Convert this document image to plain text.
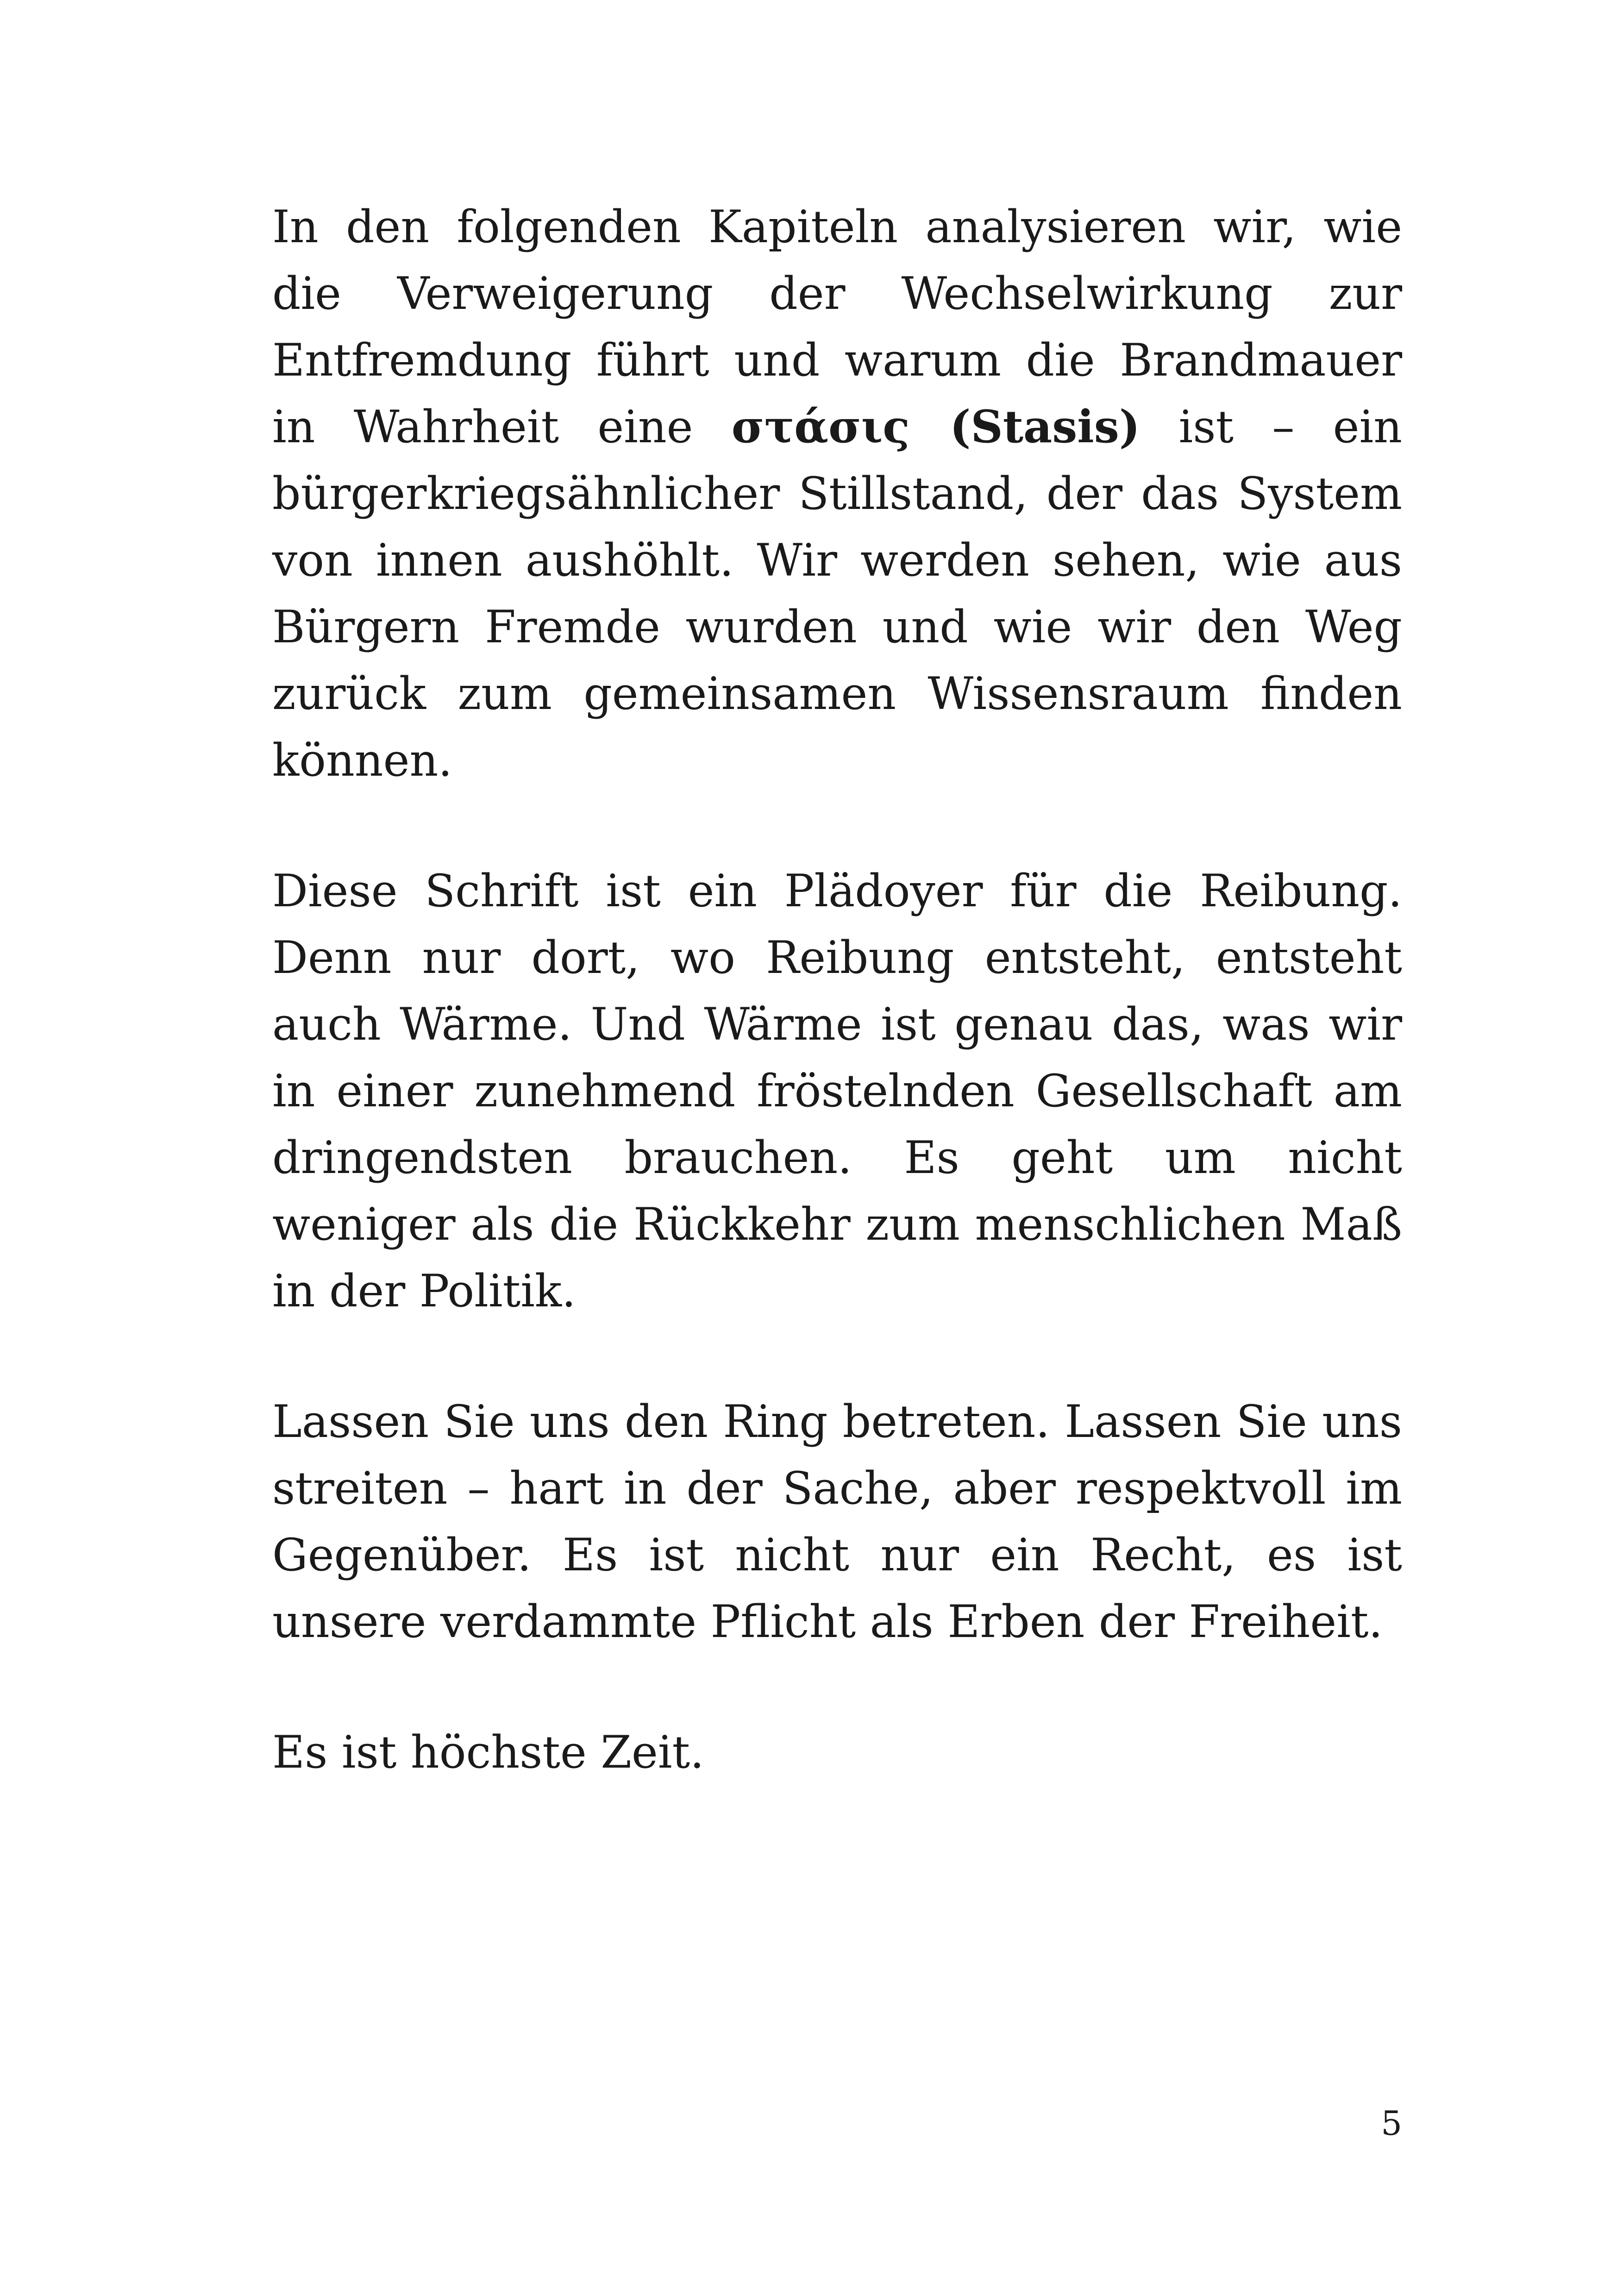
In den folgenden Kapiteln analysieren wir, wie die Verweigerung der Wechselwirkung zur Entfremdung führt und warum die Brandmauer in Wahrheit eine στάσις (Stasis) ist – ein bürgerkriegsähnlicher Stillstand, der das System von innen aushöhlt. Wir werden sehen, wie aus Bürgern Fremde wurden und wie wir den Weg zurück zum gemeinsamen Wissensraum finden können.

Diese Schrift ist ein Plädoyer für die Reibung. Denn nur dort, wo Reibung entsteht, entsteht auch Wärme. Und Wärme ist genau das, was wir in einer zunehmend fröstelnden Gesellschaft am dringendsten brauchen. Es geht um nicht weniger als die Rückkehr zum menschlichen Maß in der Politik.

Lassen Sie uns den Ring betreten. Lassen Sie uns streiten – hart in der Sache, aber respektvoll im Gegenüber. Es ist nicht nur ein Recht, es ist unsere verdammte Pflicht als Erben der Freiheit.

Es ist höchste Zeit.

5
